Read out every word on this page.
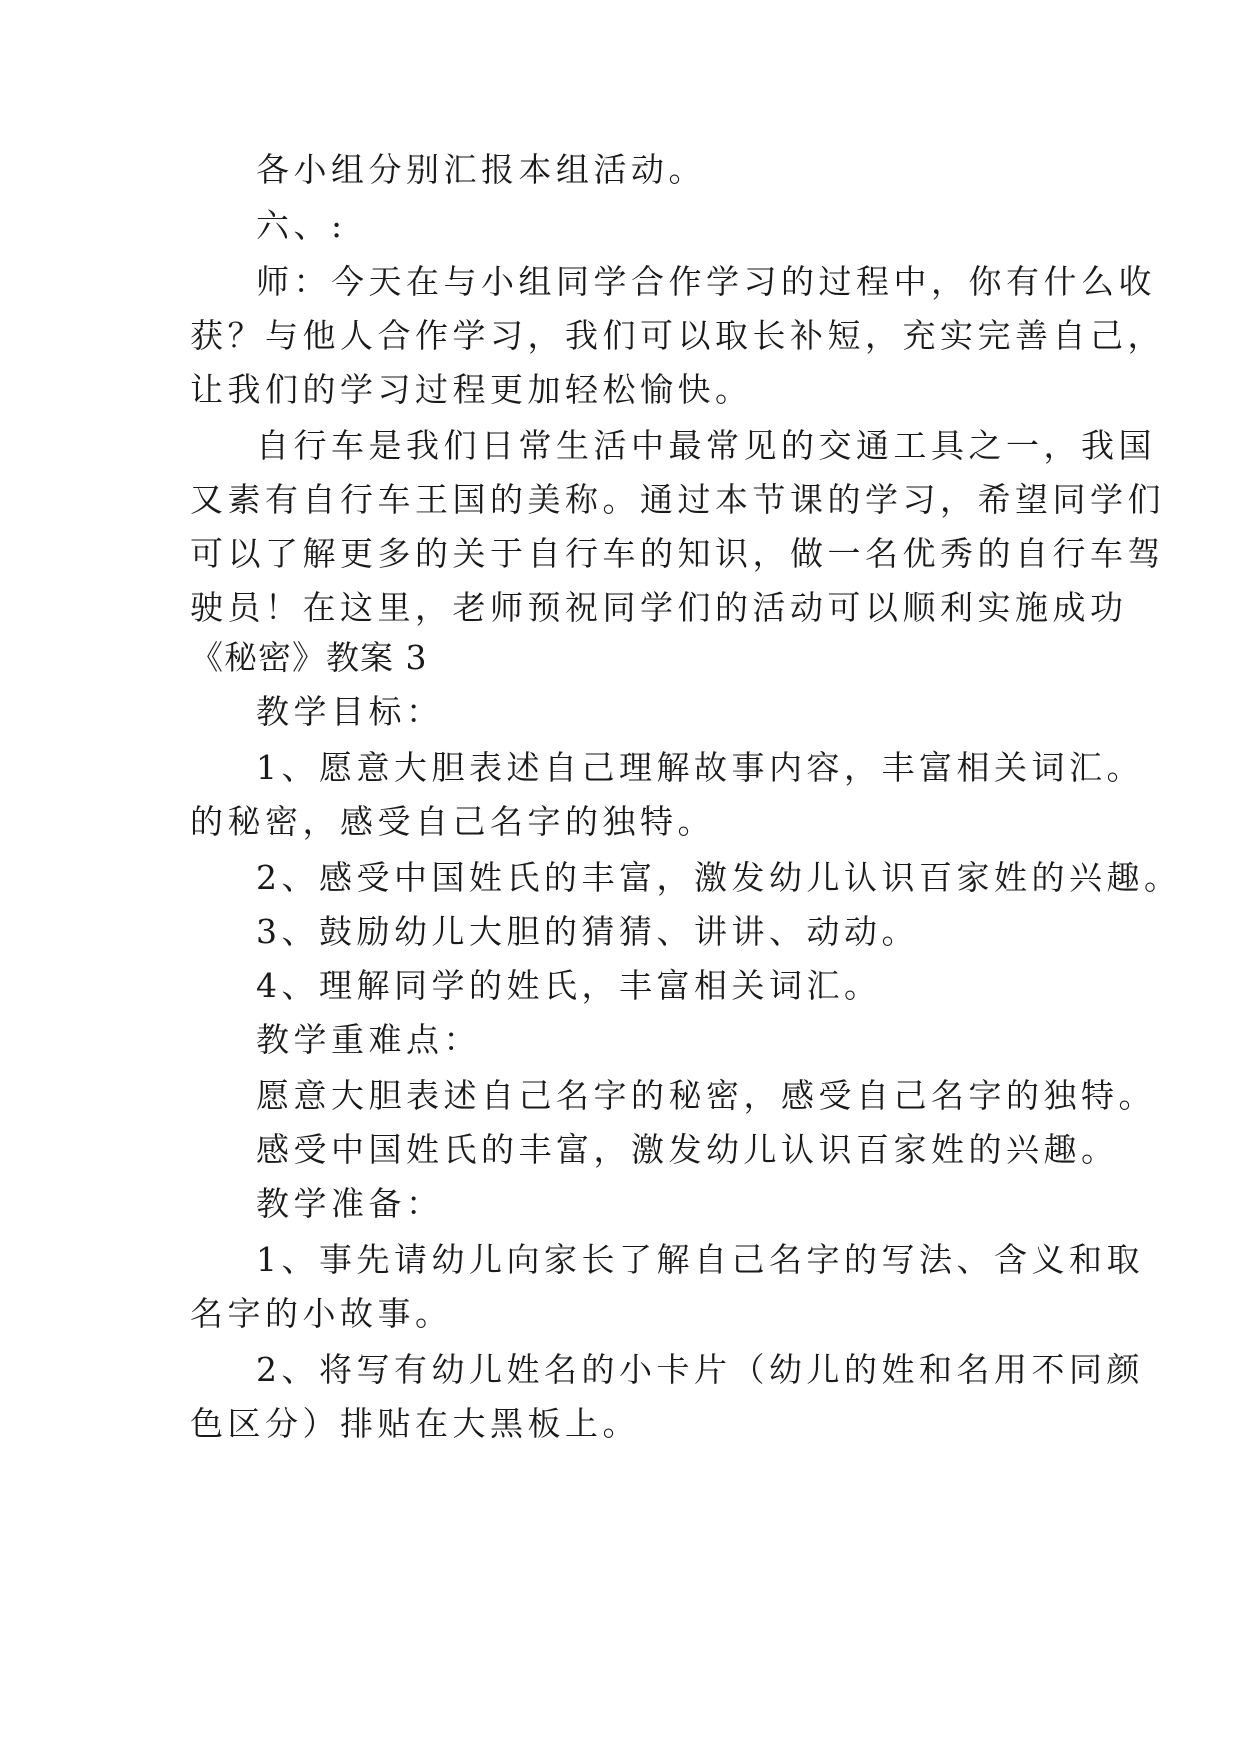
各小组分别汇报本组活动。
六、:
师：今天在与小组同学合作学习的过程中，你有什么收
获？与他人合作学习，我们可以取长补短，充实完善自己，
让我们的学习过程更加轻松愉快。
自行车是我们日常生活中最常见的交通工具之一，我国
又素有自行车王国的美称。通过本节课的学习，希望同学们
可以了解更多的关于自行车的知识，做一名优秀的自行车驾
驶员！在这里，老师预祝同学们的活动可以顺利实施成功
《秘密》教案 3
教学目标：
1、愿意大胆表述自己理解故事内容，丰富相关词汇。
的秘密，感受自己名字的独特。
2、感受中国姓氏的丰富，激发幼儿认识百家姓的兴趣。
3、鼓励幼儿大胆的猜猜、讲讲、动动。
4、理解同学的姓氏，丰富相关词汇。
教学重难点：
愿意大胆表述自己名字的秘密，感受自己名字的独特。
感受中国姓氏的丰富，激发幼儿认识百家姓的兴趣。
教学准备：
1、事先请幼儿向家长了解自己名字的写法、含义和取
名字的小故事。
2、将写有幼儿姓名的小卡片（幼儿的姓和名用不同颜
色区分）排贴在大黑板上。
